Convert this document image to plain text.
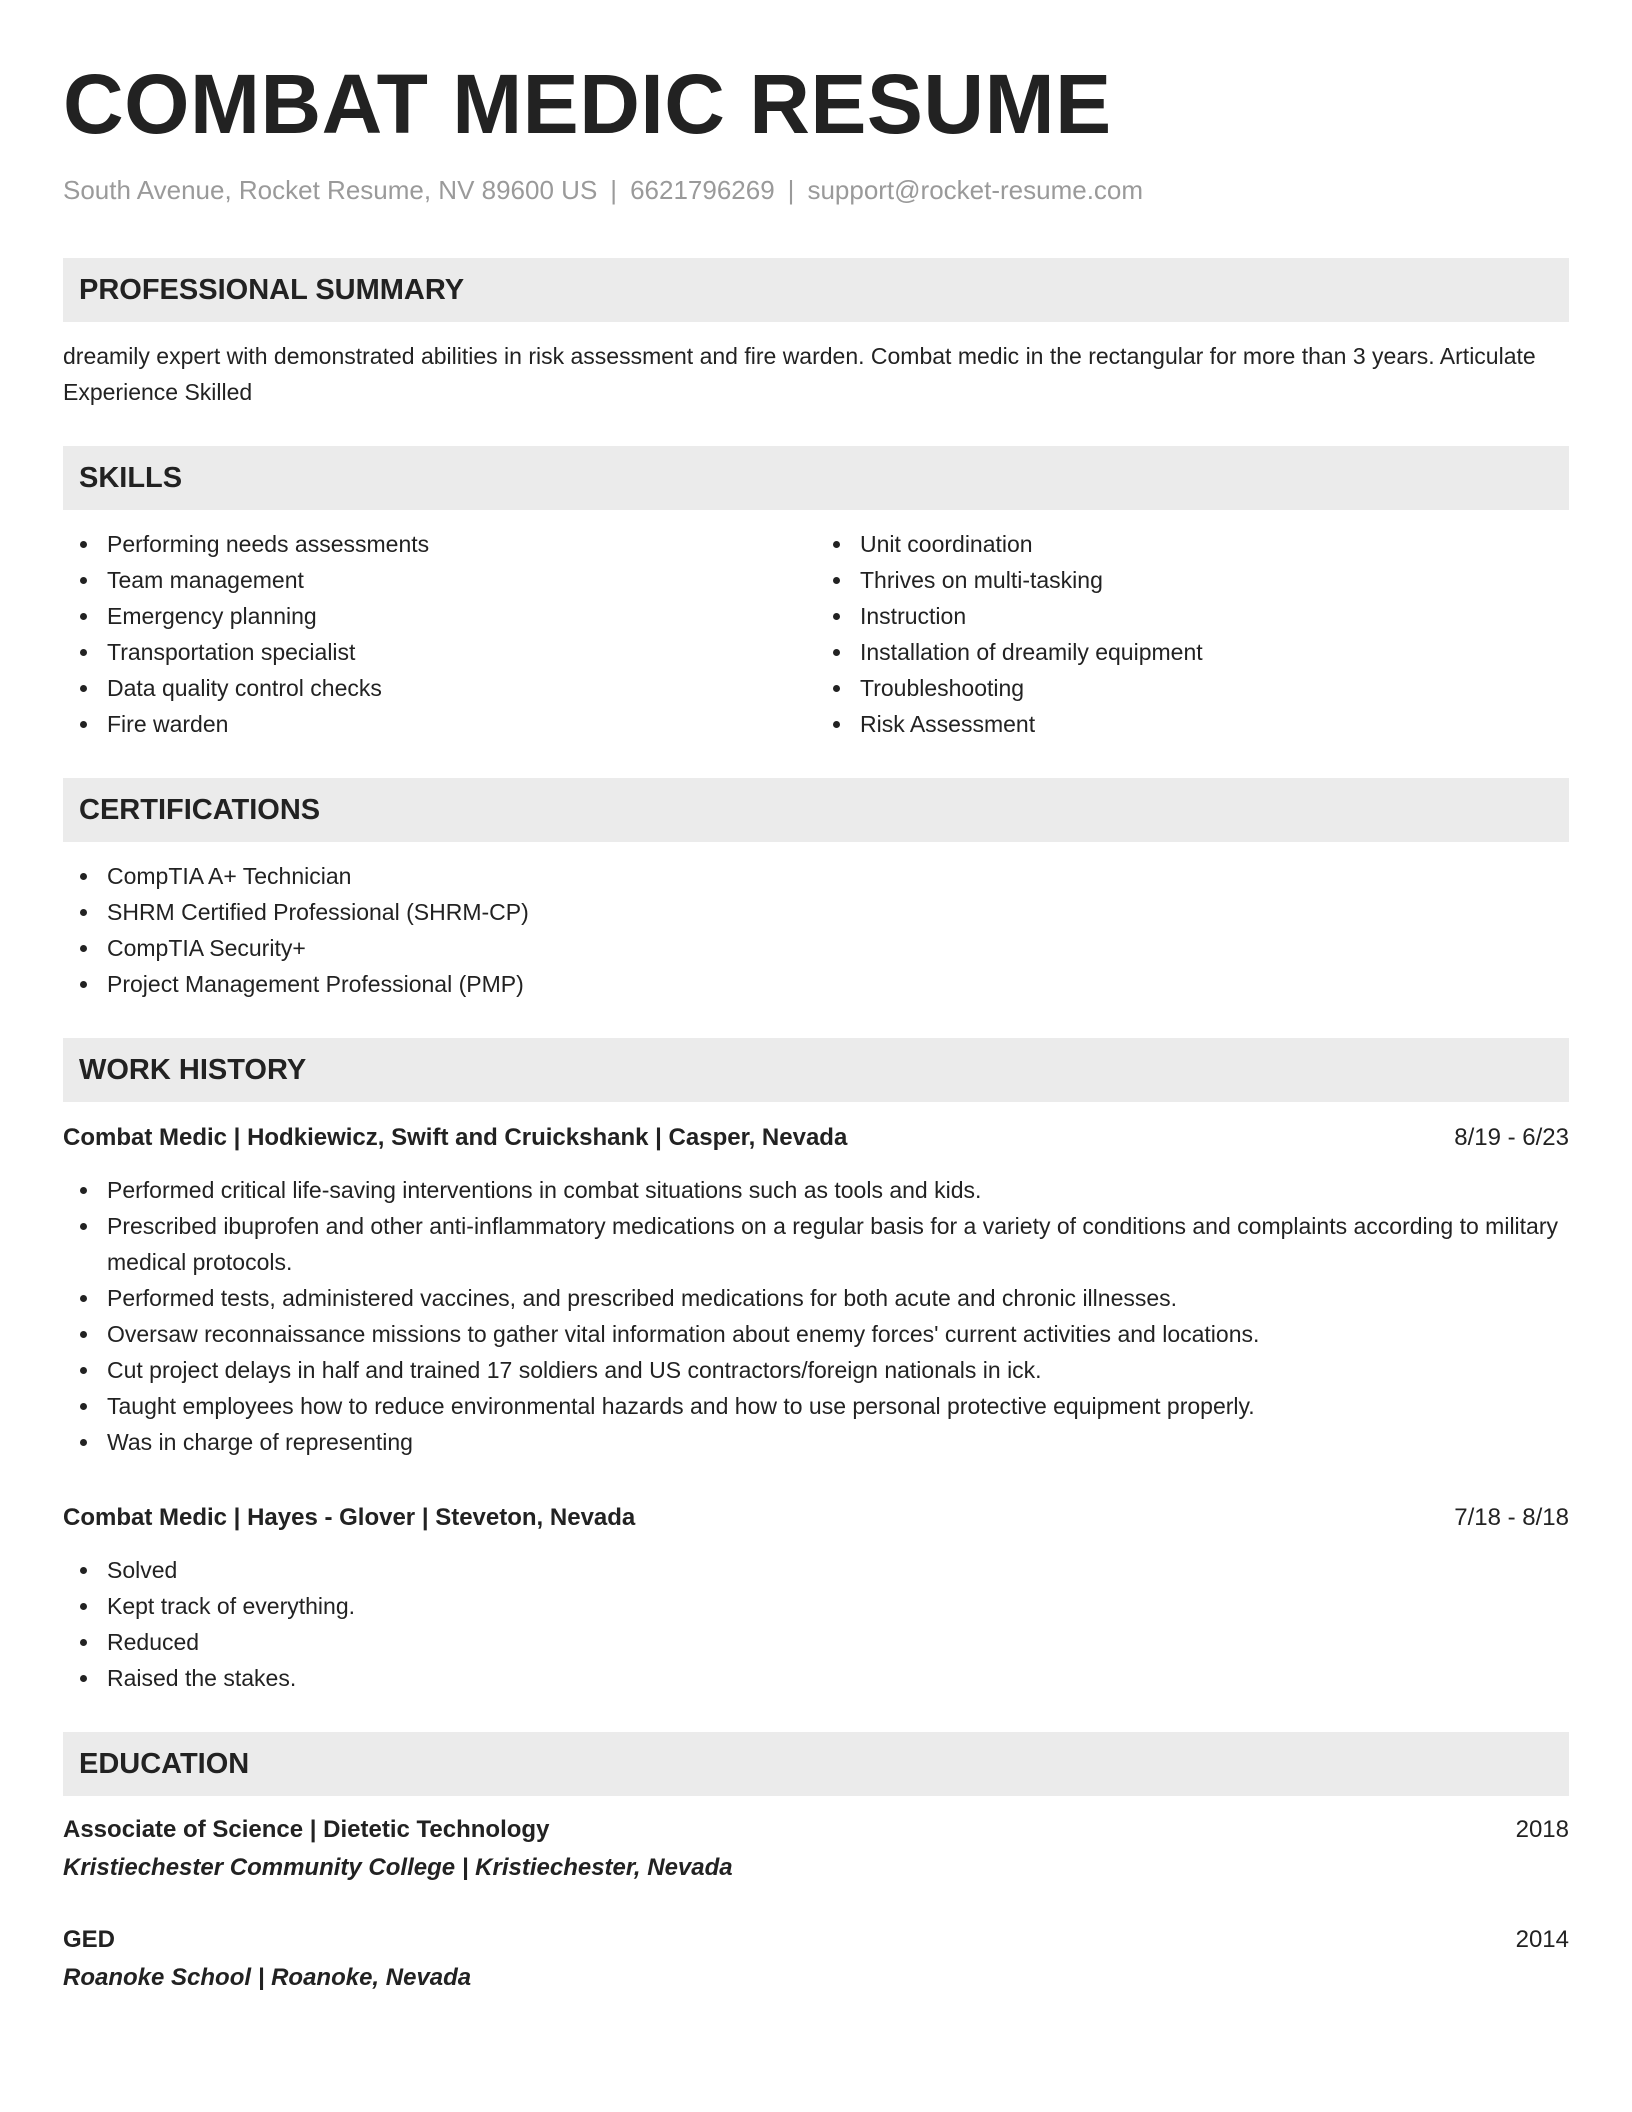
COMBAT MEDIC RESUME
South Avenue, Rocket Resume, NV 89600 US | 6621796269 | support@rocket-resume.com
PROFESSIONAL SUMMARY
dreamily expert with demonstrated abilities in risk assessment and fire warden. Combat medic in the rectangular for more than 3 years. Articulate Experience Skilled
SKILLS
Performing needs assessments
Team management
Emergency planning
Transportation specialist
Data quality control checks
Fire warden
Unit coordination
Thrives on multi-tasking
Instruction
Installation of dreamily equipment
Troubleshooting
Risk Assessment
CERTIFICATIONS
CompTIA A+ Technician
SHRM Certified Professional (SHRM-CP)
CompTIA Security+
Project Management Professional (PMP)
WORK HISTORY
Combat Medic | Hodkiewicz, Swift and Cruickshank | Casper, Nevada	8/19 - 6/23
Performed critical life-saving interventions in combat situations such as tools and kids.
Prescribed ibuprofen and other anti-inflammatory medications on a regular basis for a variety of conditions and complaints according to military medical protocols.
Performed tests, administered vaccines, and prescribed medications for both acute and chronic illnesses.
Oversaw reconnaissance missions to gather vital information about enemy forces' current activities and locations.
Cut project delays in half and trained 17 soldiers and US contractors/foreign nationals in ick.
Taught employees how to reduce environmental hazards and how to use personal protective equipment properly.
Was in charge of representing
Combat Medic | Hayes - Glover | Steveton, Nevada	7/18 - 8/18
Solved
Kept track of everything.
Reduced
Raised the stakes.
EDUCATION
Associate of Science | Dietetic Technology	2018
Kristiechester Community College | Kristiechester, Nevada
GED	2014
Roanoke School | Roanoke, Nevada
